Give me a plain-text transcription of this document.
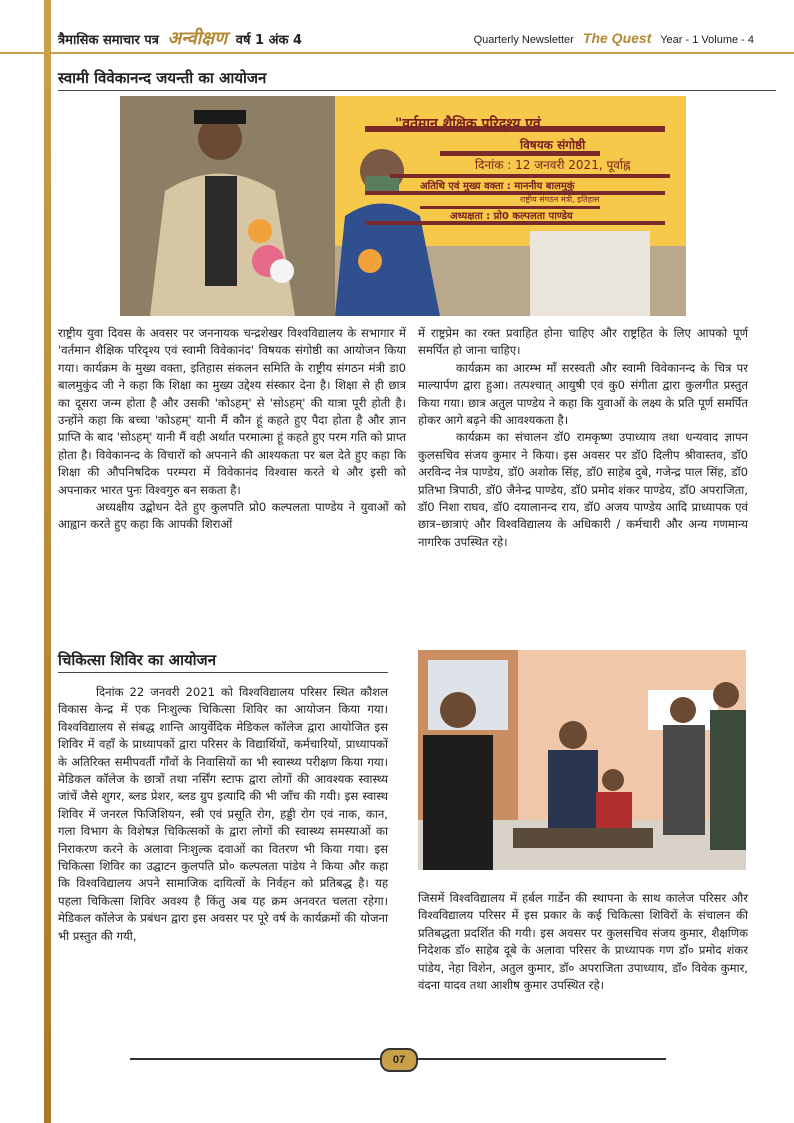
त्रैमासिक समाचार पत्र अन्वीक्षण वर्ष 1 अंक 4	Quarterly Newsletter The Quest Year - 1 Volume - 4
स्वामी विवेकानन्द जयन्ती का आयोजन
"वर्तमान शैक्षिक परिदृश्य एवं
विषयक संगोष्ठी
दिनांक : 12 जनवरी 2021, पूर्वाह्न
अतिथि एवं मुख्य वक्ता : माननीय बालमुकुं
राष्ट्रीय संगठन मंत्री, इतिहास
अध्यक्षता : प्रो0 कल्पलता पाण्डेय

राष्ट्रीय युवा दिवस के अवसर पर जननायक चन्द्रशेखर विश्वविद्यालय के सभागार में 'वर्तमान शैक्षिक परिदृश्य एवं स्वामी विवेकानंद' विषयक संगोष्ठी का आयोजन किया गया। कार्यक्रम के मुख्य वक्ता, इतिहास संकलन समिति के राष्ट्रीय संगठन मंत्री डा0 बालमुकुंद जी ने कहा कि शिक्षा का मुख्य उद्देश्य संस्कार देना है। शिक्षा से ही छात्र का दूसरा जन्म होता है और उसकी 'कोऽहम्' से 'सोऽहम्' की यात्रा पूरी होती है। उन्होंने कहा कि बच्चा 'कोऽहम्' यानी मैं कौन हूं कहते हुए पैदा होता है और ज्ञान प्राप्ति के बाद 'सोऽहम्' यानी मैं वही अर्थात परमात्मा हूं कहते हुए परम गति को प्राप्त होता है। विवेकानन्द के विचारों को अपनाने की आश्यकता पर बल देते हुए कहा कि शिक्षा की औपनिषदिक परम्परा में विवेकानंद विश्वास करते थे और इसी को अपनाकर भारत पुनः विश्वगुरु बन सकता है।

अध्यक्षीय उद्बोधन देते हुए कुलपति प्रो0 कल्पलता पाण्डेय ने युवाओं को आह्वान करते हुए कहा कि आपकी शिराओं

में राष्ट्रप्रेम का रक्त प्रवाहित होना चाहिए और राष्ट्रहित के लिए आपको पूर्ण समर्पित हो जाना चाहिए।

कार्यक्रम का आरम्भ माँ सरस्वती और स्वामी विवेकानन्द के चित्र पर माल्यार्पण द्वारा हुआ। तत्पश्चात् आयुषी एवं कु0 संगीता द्वारा कुलगीत प्रस्तुत किया गया। छात्र अतुल पाण्डेय ने कहा कि युवाओं के लक्ष्य के प्रति पूर्ण समर्पित होकर आगे बढ़ने की आवश्यकता है।

कार्यक्रम का संचालन डॉ0 रामकृष्ण उपाध्याय तथा धन्यवाद ज्ञापन कुलसचिव संजय कुमार ने किया। इस अवसर पर डॉ0 दिलीप श्रीवास्तव, डॉ0 अरविन्द नेत्र पाण्डेय, डॉ0 अशोक सिंह, डॉ0 साहेब दुबे, गजेन्द्र पाल सिंह, डॉ0 प्रतिभा त्रिपाठी, डॉ0 जैनेन्द्र पाण्डेय, डॉ0 प्रमोद शंकर पाण्डेय, डॉ0 अपराजिता, डॉ0 निशा राघव, डॉ0 दयालानन्द राय, डॉ0 अजय पाण्डेय आदि प्राध्यापक एवं छात्र–छात्राएं और विश्वविद्यालय के अधिकारी / कर्मचारी और अन्य गणमान्य नागरिक उपस्थित रहे।

चिकित्सा शिविर का आयोजन

दिनांक 22 जनवरी 2021 को विश्वविद्यालय परिसर स्थित कौशल विकास केन्द्र में एक निःशुल्क चिकित्सा शिविर का आयोजन किया गया। विश्वविद्यालय से संबद्ध शान्ति आयुर्वेदिक मेडिकल कॉलेज द्वारा आयोजित इस शिविर में वहाँ के प्राध्यापकों द्वारा परिसर के विद्यार्थियों, कर्मचारियों, प्राध्यापकों के अतिरिक्त समीपवर्ती गाँवों के निवासियों का भी स्वास्थ्य परीक्षण किया गया। मेडिकल कॉलेज के छात्रों तथा नर्सिंग स्टाफ द्वारा लोगों की आवश्यक स्वास्थ्य जांचें जैसे शुगर, ब्लड प्रेशर, ब्लड ग्रुप इत्यादि की भी जाँच की गयी। इस स्वास्थ शिविर में जनरल फिजिशियन, स्त्री एवं प्रसूति रोग, हड्डी रोग एवं नाक, कान, गला विभाग के विशेषज्ञ चिकित्सकों के द्वारा लोगों की स्वास्थ्य समस्याओं का निराकरण करने के अलावा निःशुल्क दवाओं का वितरण भी किया गया। इस चिकित्सा शिविर का उद्घाटन कुलपति प्रो० कल्पलता पांडेय ने किया और कहा कि विश्वविद्यालय अपने सामाजिक दायित्वों के निर्वहन को प्रतिबद्ध है। यह पहला चिकित्सा शिविर अवश्य है किंतु अब यह क्रम अनवरत चलता रहेगा। मेडिकल कॉलेज के प्रबंधन द्वारा इस अवसर पर पूरे वर्ष के कार्यक्रमों की योजना भी प्रस्तुत की गयी,

जिसमें विश्वविद्यालय में हर्बल गार्डेन की स्थापना के साथ कालेज परिसर और विश्वविद्यालय परिसर में इस प्रकार के कई चिकित्सा शिविरों के संचालन की प्रतिबद्धता प्रदर्शित की गयी। इस अवसर पर कुलसचिव संजय कुमार, शैक्षणिक निदेशक डॉ० साहेब दूबे के अलावा परिसर के प्राध्यापक गण डॉ० प्रमोद शंकर पांडेय, नेहा विशेन, अतुल कुमार, डॉ० अपराजिता उपाध्याय, डॉ० विवेक कुमार, वंदना यादव तथा आशीष कुमार उपस्थित रहे।

07
